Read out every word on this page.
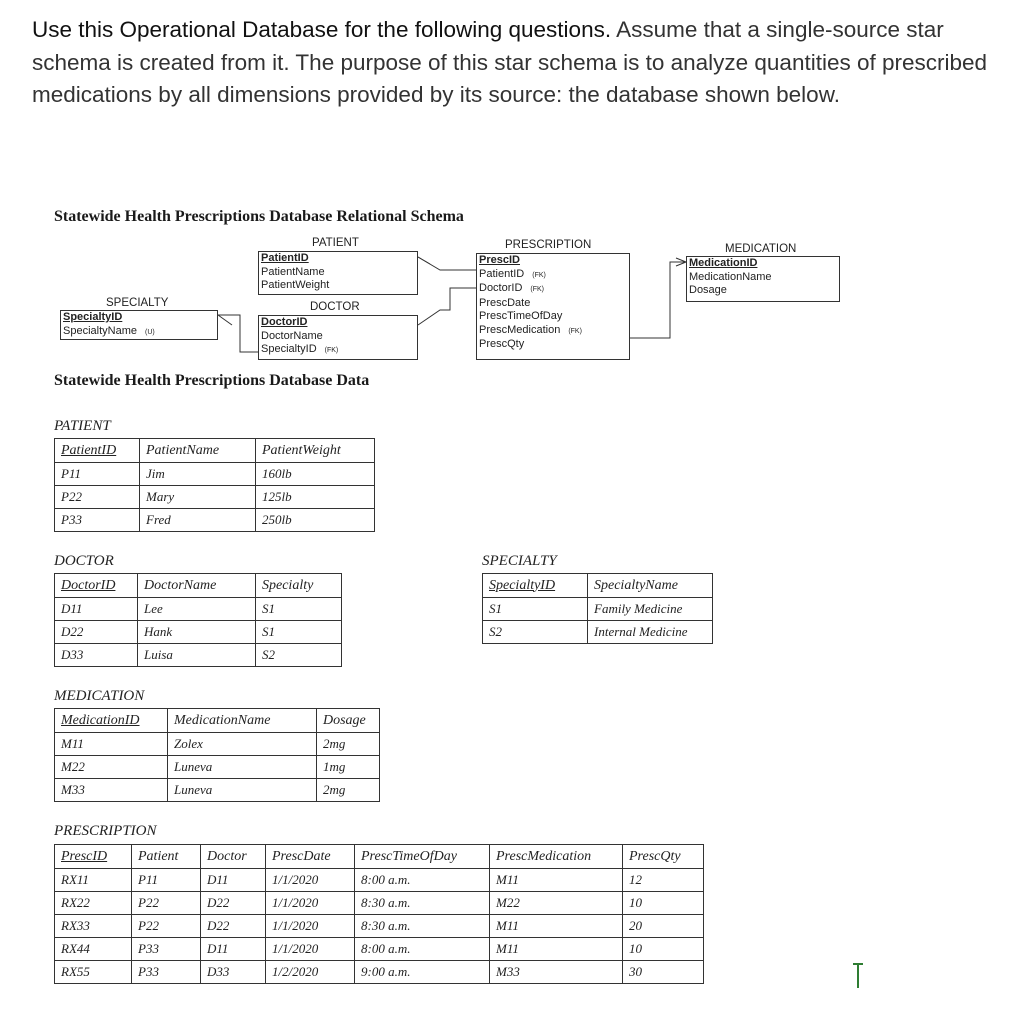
Use this Operational Database for the following questions. Assume that a single-source star schema is created from it. The purpose of this star schema is to analyze quantities of prescribed medications by all dimensions provided by its source: the database shown below.
Statewide Health Prescriptions Database Relational Schema
PATIENT
PatientID
PatientName
PatientWeight
DOCTOR
DoctorID
DoctorName
SpecialtyID (FK)
SPECIALTY
SpecialtyID
SpecialtyName (U)
PRESCRIPTION
PrescID
PatientID (FK)
DoctorID (FK)
PrescDate
PrescTimeOfDay
PrescMedication (FK)
PrescQty
MEDICATION
MedicationID
MedicationName
Dosage
Statewide Health Prescriptions Database Data
PATIENT
PatientID	PatientName	PatientWeight
P11	Jim	160lb
P22	Mary	125lb
P33	Fred	250lb
DOCTOR
DoctorID	DoctorName	Specialty
D11	Lee	S1
D22	Hank	S1
D33	Luisa	S2
SPECIALTY
SpecialtyID	SpecialtyName
S1	Family Medicine
S2	Internal Medicine
MEDICATION
MedicationID	MedicationName	Dosage
M11	Zolex	2mg
M22	Luneva	1mg
M33	Luneva	2mg
PRESCRIPTION
PrescID	Patient	Doctor	PrescDate	PrescTimeOfDay	PrescMedication	PrescQty
RX11	P11	D11	1/1/2020	8:00 a.m.	M11	12
RX22	P22	D22	1/1/2020	8:30 a.m.	M22	10
RX33	P22	D22	1/1/2020	8:30 a.m.	M11	20
RX44	P33	D11	1/1/2020	8:00 a.m.	M11	10
RX55	P33	D33	1/2/2020	9:00 a.m.	M33	30
